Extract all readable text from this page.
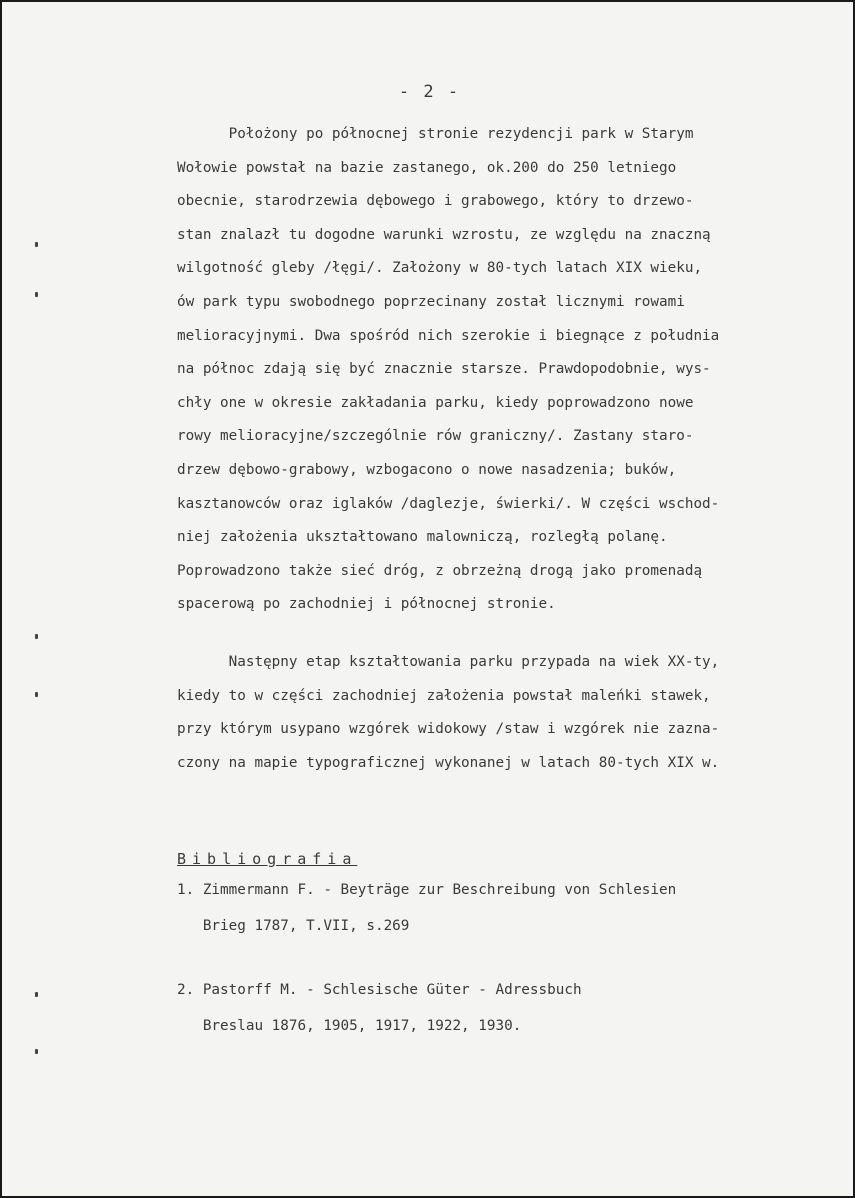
- 2 -
Położony po północnej stronie rezydencji park w Starym
Wołowie powstał na bazie zastanego, ok.200 do 250 letniego
obecnie, starodrzewia dębowego i grabowego, który to drzewo-
stan znalazł tu dogodne warunki wzrostu, ze względu na znaczną
wilgotność gleby /łęgi/. Założony w 80-tych latach XIX wieku,
ów park typu swobodnego poprzecinany został licznymi rowami
melioracyjnymi. Dwa spośród nich szerokie i biegnące z południa
na północ zdają się być znacznie starsze. Prawdopodobnie, wys-
chły one w okresie zakładania parku, kiedy poprowadzono nowe
rowy melioracyjne/szczególnie rów graniczny/. Zastany staro-
drzew dębowo-grabowy, wzbogacono o nowe nasadzenia; buków,
kasztanowców oraz iglaków /daglezje, świerki/. W części wschod-
niej założenia ukształtowano malowniczą, rozległą polanę.
Poprowadzono także sieć dróg, z obrzeżną drogą jako promenadą
spacerową po zachodniej i północnej stronie.
Następny etap kształtowania parku przypada na wiek XX-ty,
kiedy to w części zachodniej założenia powstał maleńki stawek,
przy którym usypano wzgórek widokowy /staw i wzgórek nie zazna-
czony na mapie typograficznej wykonanej w latach 80-tych XIX w.
Bibliografia
1. Zimmermann F. - Beyträge zur Beschreibung von Schlesien
Brieg 1787, T.VII, s.269
2. Pastorff M. - Schlesische Güter - Adressbuch
Breslau 1876, 1905, 1917, 1922, 1930.
